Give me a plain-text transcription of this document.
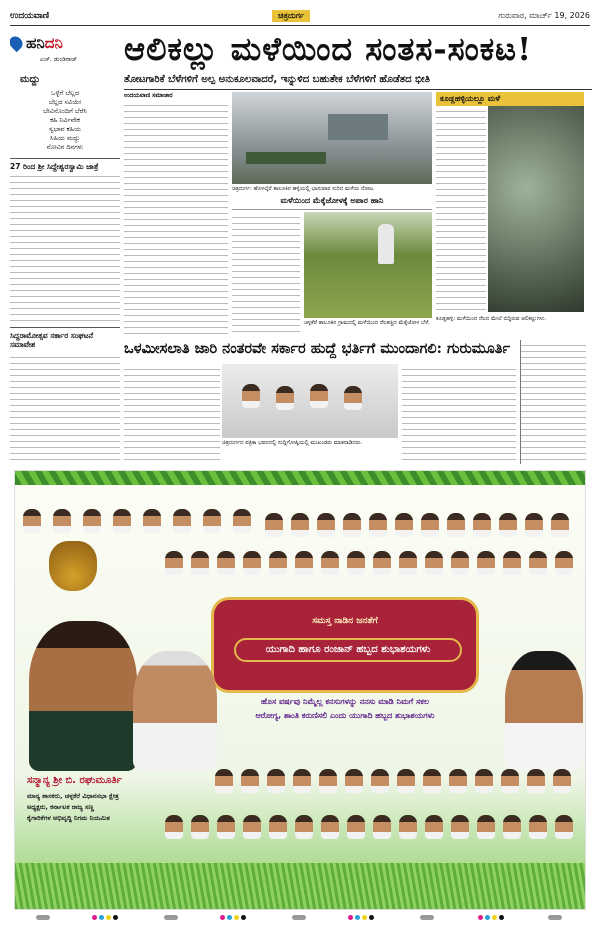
ಉದಯವಾಣಿ	ಚಿತ್ರದುರ್ಗ	ಗುರುವಾರ, ಮಾರ್ಚ್ 19, 2026
ಹನಿ ದನಿ
ಎಚ್. ಡುಂಡಿರಾಜ್
ಮದ್ದು
ಒಳ್ಳೆಗೆ ಬೆಲ್ಲದ
ಬೆಲ್ಲದ ಸವಿಯೇ
ಬೇವಿನೊಂದಿಗೆ ಬೆರೆಸಿ
ಕಹಿ ನಿರ್ವಿವೇಕ
ಸ್ವಭಾವ ಕಹಿಯ
ಸಿಹಿಯ ಮದ್ದು
ನೋವಿನ ದಿನಗಳು
27 ರಿಂದ ಶ್ರೀ ಸಿದ್ದೇಶ್ವರಸ್ವಾಮಿ ಜಾತ್ರೆ
ಸಿದ್ದರಾಮೋತ್ಸವ ಸರ್ಕಾರ ಸಂಘಟನೆ ಸಮಾವೇಶ
ಆಲಿಕಲ್ಲು ಮಳೆಯಿಂದ ಸಂತಸ-ಸಂಕಟ!
ತೋಟಗಾರಿಕೆ ಬೆಳೆಗಳಿಗೆ ಅಲ್ಪ ಅನುಕೂಲವಾದರೆ, ಇನ್ನುಳಿದ ಬಹುತೇಕ ಬೆಳೆಗಳಿಗೆ ಹೊಡೆತದ ಭೀತಿ
ಉದಯವಾಣಿ ಸಮಾಚಾರ
ಚಿತ್ರದುರ್ಗ: ಹೊಳಲ್ಕೆರೆ ತಾಲೂಕಿನ ಹಳ್ಳಿಯಲ್ಲಿ ಭಾನುವಾರ ಸುರಿದ ಮಳೆಯ ನೋಟ.
ಕೂಡ್ಲಹಳ್ಳಿಯಲ್ಲೂ ಮಳೆ
ಕೂಡ್ಲಹಳ್ಳಿ: ಮಳೆಯಿಂದ ನೆಲದ ಮೇಲೆ ಬಿದ್ದಿರುವ ಆಲಿಕಲ್ಲುಗಳು.
ಮಳೆಯಿಂದ ಮೆಕ್ಕೆಜೋಳಕ್ಕೆ ಅಪಾರ ಹಾನಿ
ಚಳ್ಳಕೆರೆ ತಾಲೂಕಿನ ಗ್ರಾಮದಲ್ಲಿ ಮಳೆಯಿಂದ ನೆಲಕಚ್ಚಿದ ಮೆಕ್ಕೆಜೋಳ ಬೆಳೆ.
ಒಳಮೀಸಲಾತಿ ಜಾರಿ ನಂತರವೇ ಸರ್ಕಾರ ಹುದ್ದೆ ಭರ್ತಿಗೆ ಮುಂದಾಗಲಿ: ಗುರುಮೂರ್ತಿ
ಚಿತ್ರದುರ್ಗದ ಪತ್ರಿಕಾ ಭವನದಲ್ಲಿ ಸುದ್ದಿಗೋಷ್ಠಿಯಲ್ಲಿ ಮುಖಂಡರು ಮಾತನಾಡಿದರು.
ಸಮಸ್ತ ನಾಡಿನ ಜನತೆಗೆ
ಯುಗಾದಿ ಹಾಗೂ ರಂಜಾನ್ ಹಬ್ಬದ ಶುಭಾಶಯಗಳು
ಹೊಸ ವರ್ಷವು ನಿಮ್ಮೆಲ್ಲ ಕನಸುಗಳನ್ನು ನನಸು ಮಾಡಿ ನಿಮಗೆ ಸಕಲ
ಆರೋಗ್ಯ, ಶಾಂತಿ ಕರುಣಿಸಲಿ ಎಂದು ಯುಗಾದಿ ಹಬ್ಬದ ಶುಭಾಶಯಗಳು
ಸನ್ಮಾನ್ಯ ಶ್ರೀ ಬಿ. ರಘುಮೂರ್ತಿ
ಮಾನ್ಯ ಶಾಸಕರು, ಚಳ್ಳಕೆರೆ ವಿಧಾನಸಭಾ ಕ್ಷೇತ್ರ
ಅಧ್ಯಕ್ಷರು, ಕರ್ನಾಟಕ ರಾಜ್ಯ ಸಣ್ಣ
ಕೈಗಾರಿಕೆಗಳ ಅಭಿವೃದ್ಧಿ ನಿಗಮ ನಿಯಮಿತ
